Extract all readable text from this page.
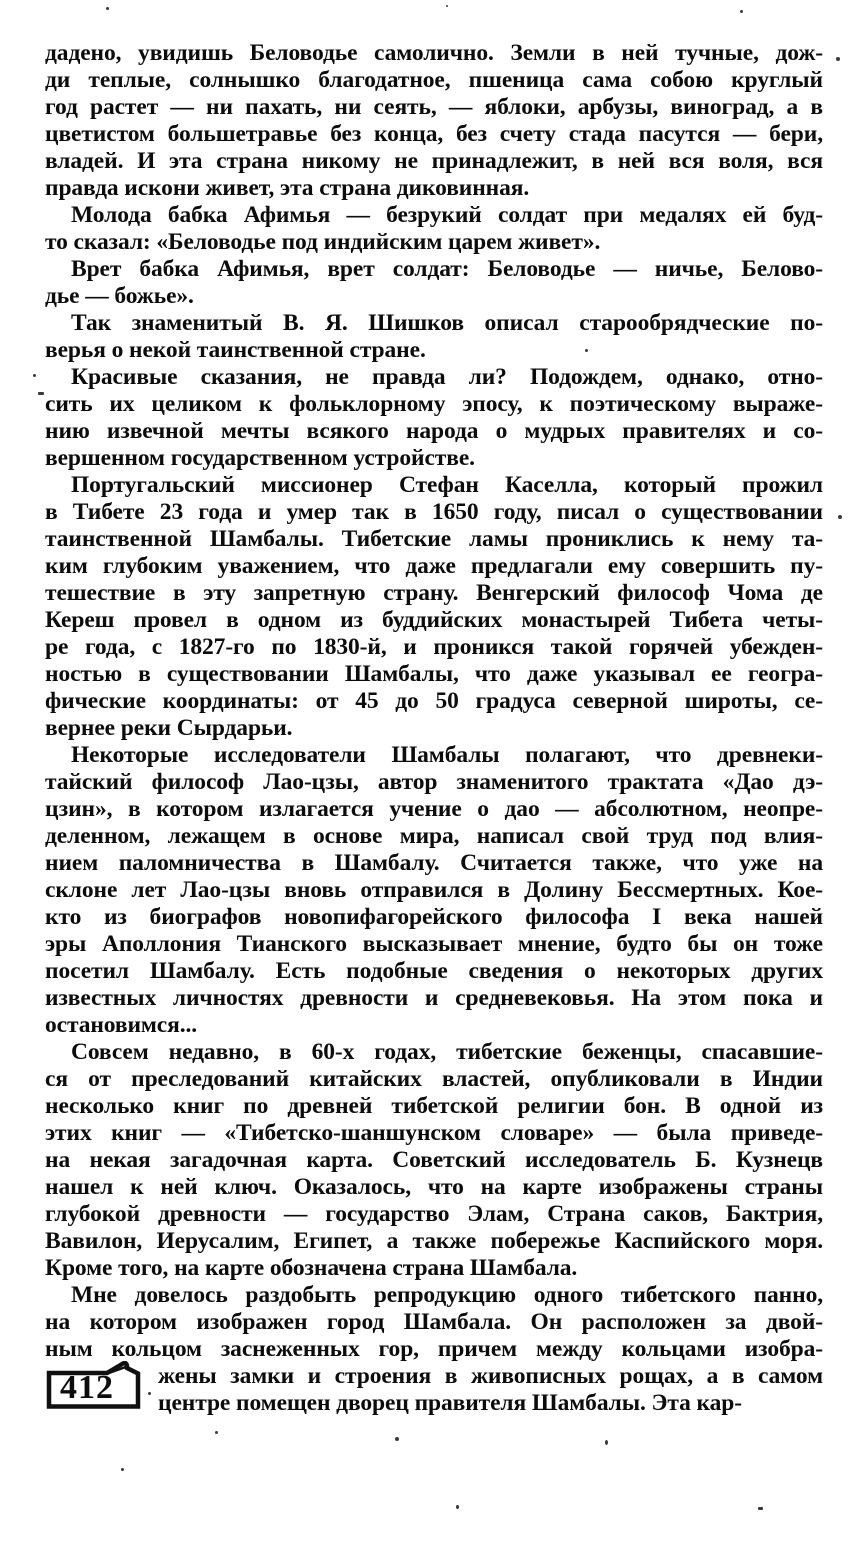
дадено, увидишь Беловодье самолично. Земли в ней тучные, дож-
ди теплые, солнышко благодатное, пшеница сама собою круглый
год растет — ни пахать, ни сеять, — яблоки, арбузы, виноград, а в
цветистом большетравье без конца, без счету стада пасутся — бери,
владей. И эта страна никому не принадлежит, в ней вся воля, вся
правда искони живет, эта страна диковинная.
Молода бабка Афимья — безрукий солдат при медалях ей буд-
то сказал: «Беловодье под индийским царем живет».
Врет бабка Афимья, врет солдат: Беловодье — ничье, Белово-
дье — божье».
Так знаменитый В. Я. Шишков описал старообрядческие по-
верья о некой таинственной стране.
Красивые сказания, не правда ли? Подождем, однако, отно-
сить их целиком к фольклорному эпосу, к поэтическому выраже-
нию извечной мечты всякого народа о мудрых правителях и со-
вершенном государственном устройстве.
Португальский миссионер Стефан Каселла, который прожил
в Тибете 23 года и умер так в 1650 году, писал о существовании
таинственной Шамбалы. Тибетские ламы прониклись к нему та-
ким глубоким уважением, что даже предлагали ему совершить пу-
тешествие в эту запретную страну. Венгерский философ Чома де
Кереш провел в одном из буддийских монастырей Тибета четы-
ре года, с 1827-го по 1830-й, и проникся такой горячей убежден-
ностью в существовании Шамбалы, что даже указывал ее геогра-
фические координаты: от 45 до 50 градуса северной широты, се-
вернее реки Сырдарьи.
Некоторые исследователи Шамбалы полагают, что древнеки-
тайский философ Лао-цзы, автор знаменитого трактата «Дао дэ-
цзин», в котором излагается учение о дао — абсолютном, неопре-
деленном, лежащем в основе мира, написал свой труд под влия-
нием паломничества в Шамбалу. Считается также, что уже на
склоне лет Лао-цзы вновь отправился в Долину Бессмертных. Кое-
кто из биографов новопифагорейского философа I века нашей
эры Аполлония Тианского высказывает мнение, будто бы он тоже
посетил Шамбалу. Есть подобные сведения о некоторых других
известных личностях древности и средневековья. На этом пока и
остановимся...
Совсем недавно, в 60-х годах, тибетские беженцы, спасавшие-
ся от преследований китайских властей, опубликовали в Индии
несколько книг по древней тибетской религии бон. В одной из
этих книг — «Тибетско-шаншунском словаре» — была приведе-
на некая загадочная карта. Советский исследователь Б. Кузнецв
нашел к ней ключ. Оказалось, что на карте изображены страны
глубокой древности — государство Элам, Страна саков, Бактрия,
Вавилон, Иерусалим, Египет, а также побережье Каспийского моря.
Кроме того, на карте обозначена страна Шамбала.
Мне довелось раздобыть репродукцию одного тибетского панно,
на котором изображен город Шамбала. Он расположен за двой-
ным кольцом заснеженных гор, причем между кольцами изобра-
жены замки и строения в живописных рощах, а в самом
центре помещен дворец правителя Шамбалы. Эта кар-
412
